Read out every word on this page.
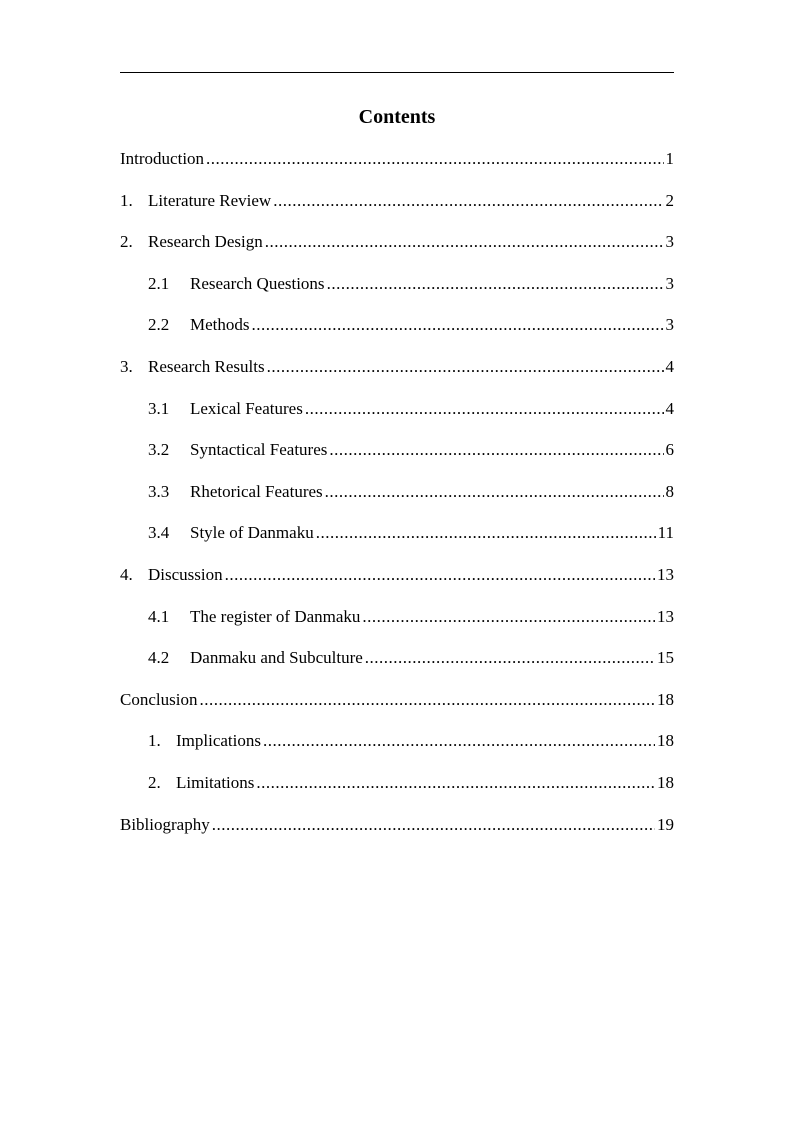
Contents
Introduction .....	1
1. Literature Review .....	2
2. Research Design .....	3
2.1	Research Questions .....	3
2.2	Methods .....	3
3. Research Results .....	4
3.1	Lexical Features .....	4
3.2	Syntactical Features .....	6
3.3	Rhetorical Features .....	8
3.4	Style of Danmaku .....	11
4. Discussion .....	13
4.1	The register of Danmaku .....	13
4.2	Danmaku and Subculture .....	15
Conclusion .....	18
1. Implications .....	18
2. Limitations .....	18
Bibliography .....	19
